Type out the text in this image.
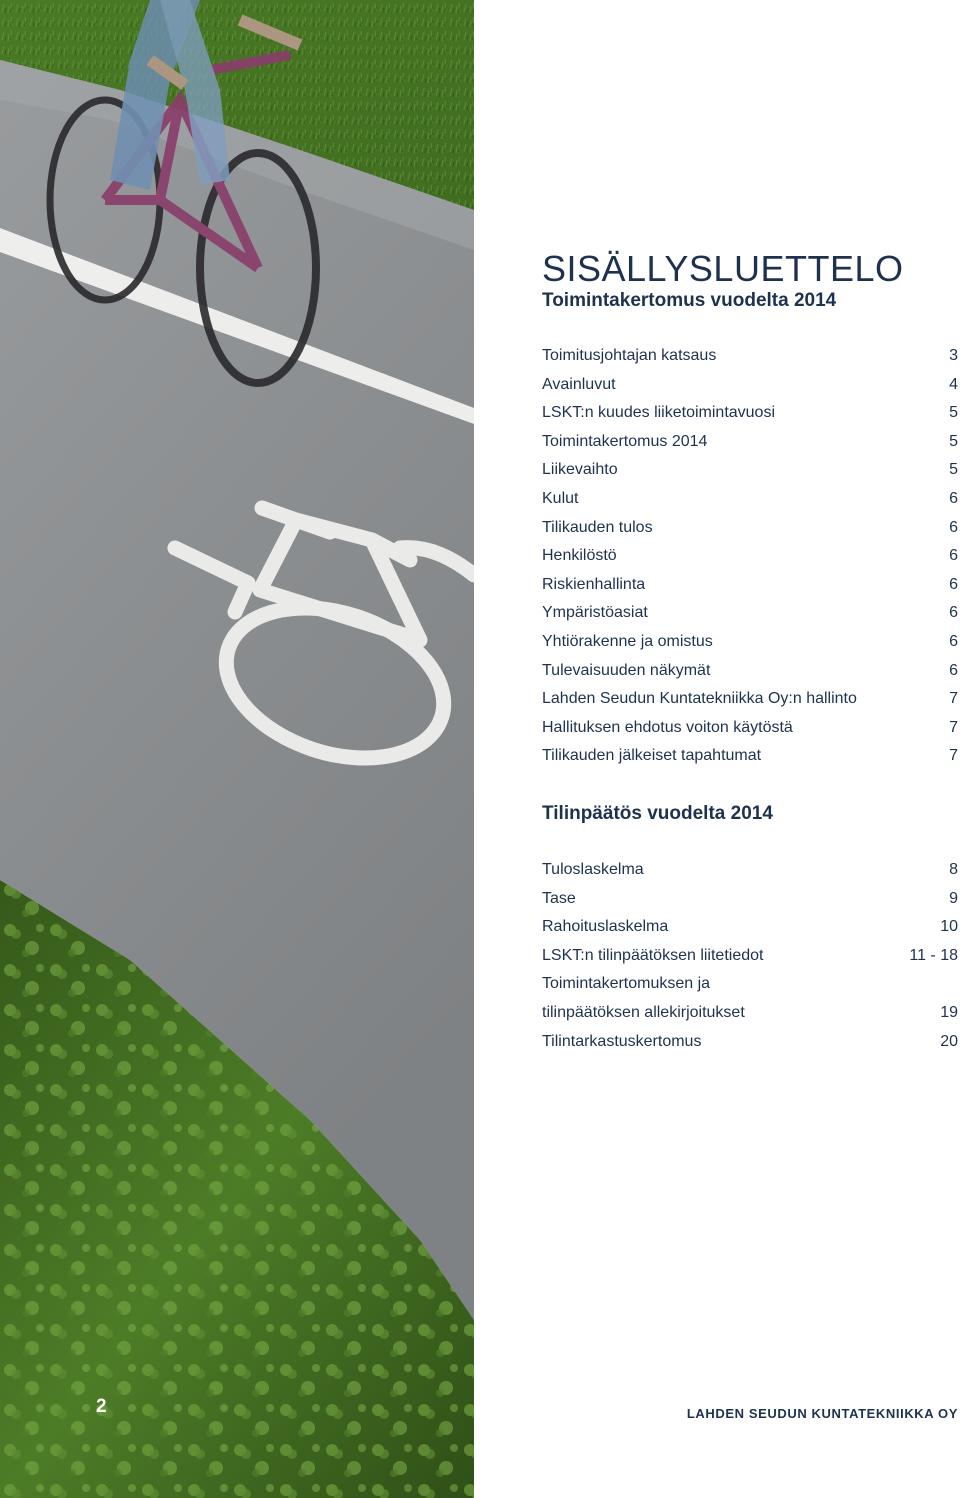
2
SISÄLLYSLUETTELO
Toimintakertomus vuodelta 2014
Toimitusjohtajan katsaus	3
Avainluvut	4
LSKT:n kuudes liiketoimintavuosi	5
Toimintakertomus 2014	5
Liikevaihto	5
Kulut	6
Tilikauden tulos	6
Henkilöstö	6
Riskienhallinta	6
Ympäristöasiat	6
Yhtiörakenne ja omistus	6
Tulevaisuuden näkymät	6
Lahden Seudun Kuntatekniikka Oy:n hallinto	7
Hallituksen ehdotus voiton käytöstä	7
Tilikauden jälkeiset tapahtumat	7
Tilinpäätös vuodelta 2014
Tuloslaskelma	8
Tase	9
Rahoituslaskelma	10
LSKT:n tilinpäätöksen liitetiedot	11 - 18
Toimintakertomuksen ja
tilinpäätöksen allekirjoitukset	19
Tilintarkastuskertomus	20
LAHDEN SEUDUN KUNTATEKNIIKKA OY
